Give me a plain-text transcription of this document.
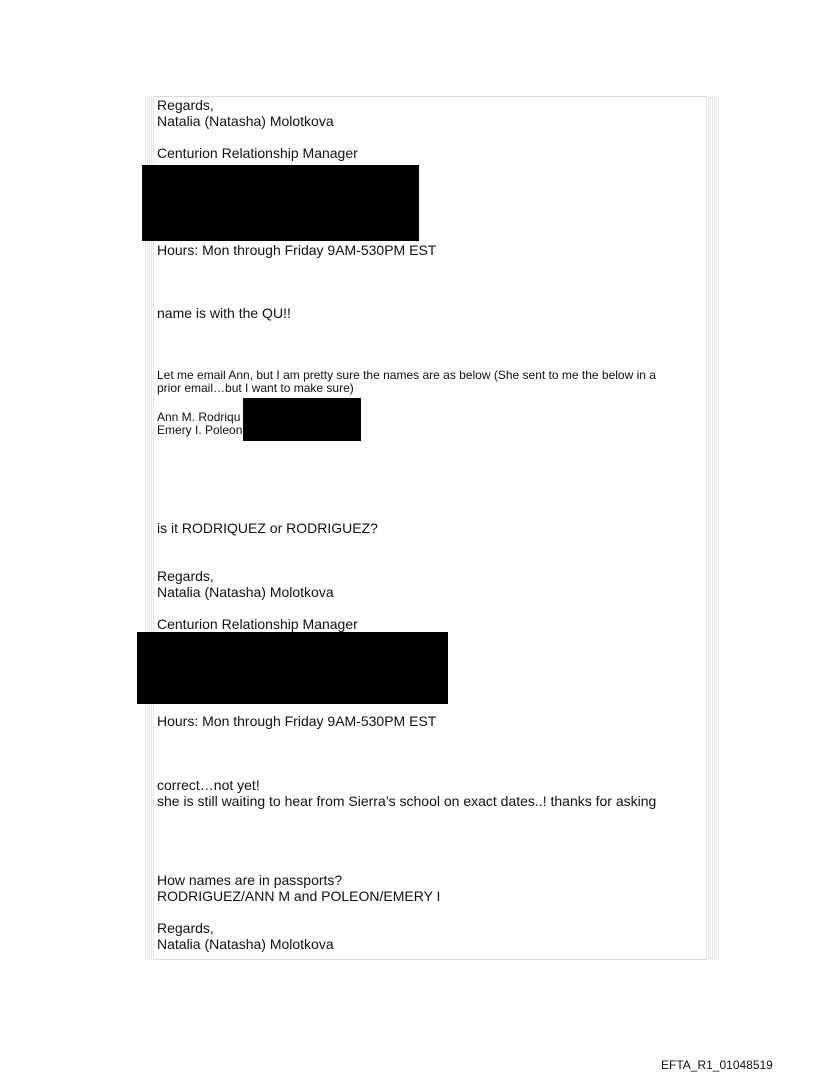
Regards,
Natalia (Natasha) Molotkova
Centurion Relationship Manager
Hours: Mon through Friday 9AM-530PM EST
name is with the QU!!
Let me email Ann, but I am pretty sure the names are as below (She sent to me the below in a
prior email…but I want to make sure)
Ann M. Rodriqu
Emery I. Poleon
is it RODRIQUEZ or RODRIGUEZ?
Regards,
Natalia (Natasha) Molotkova
Centurion Relationship Manager
Hours: Mon through Friday 9AM-530PM EST
correct…not yet!
she is still waiting to hear from Sierra’s school on exact dates..! thanks for asking
How names are in passports?
RODRIGUEZ/ANN M and POLEON/EMERY I
Regards,
Natalia (Natasha) Molotkova
EFTA_R1_01048519
